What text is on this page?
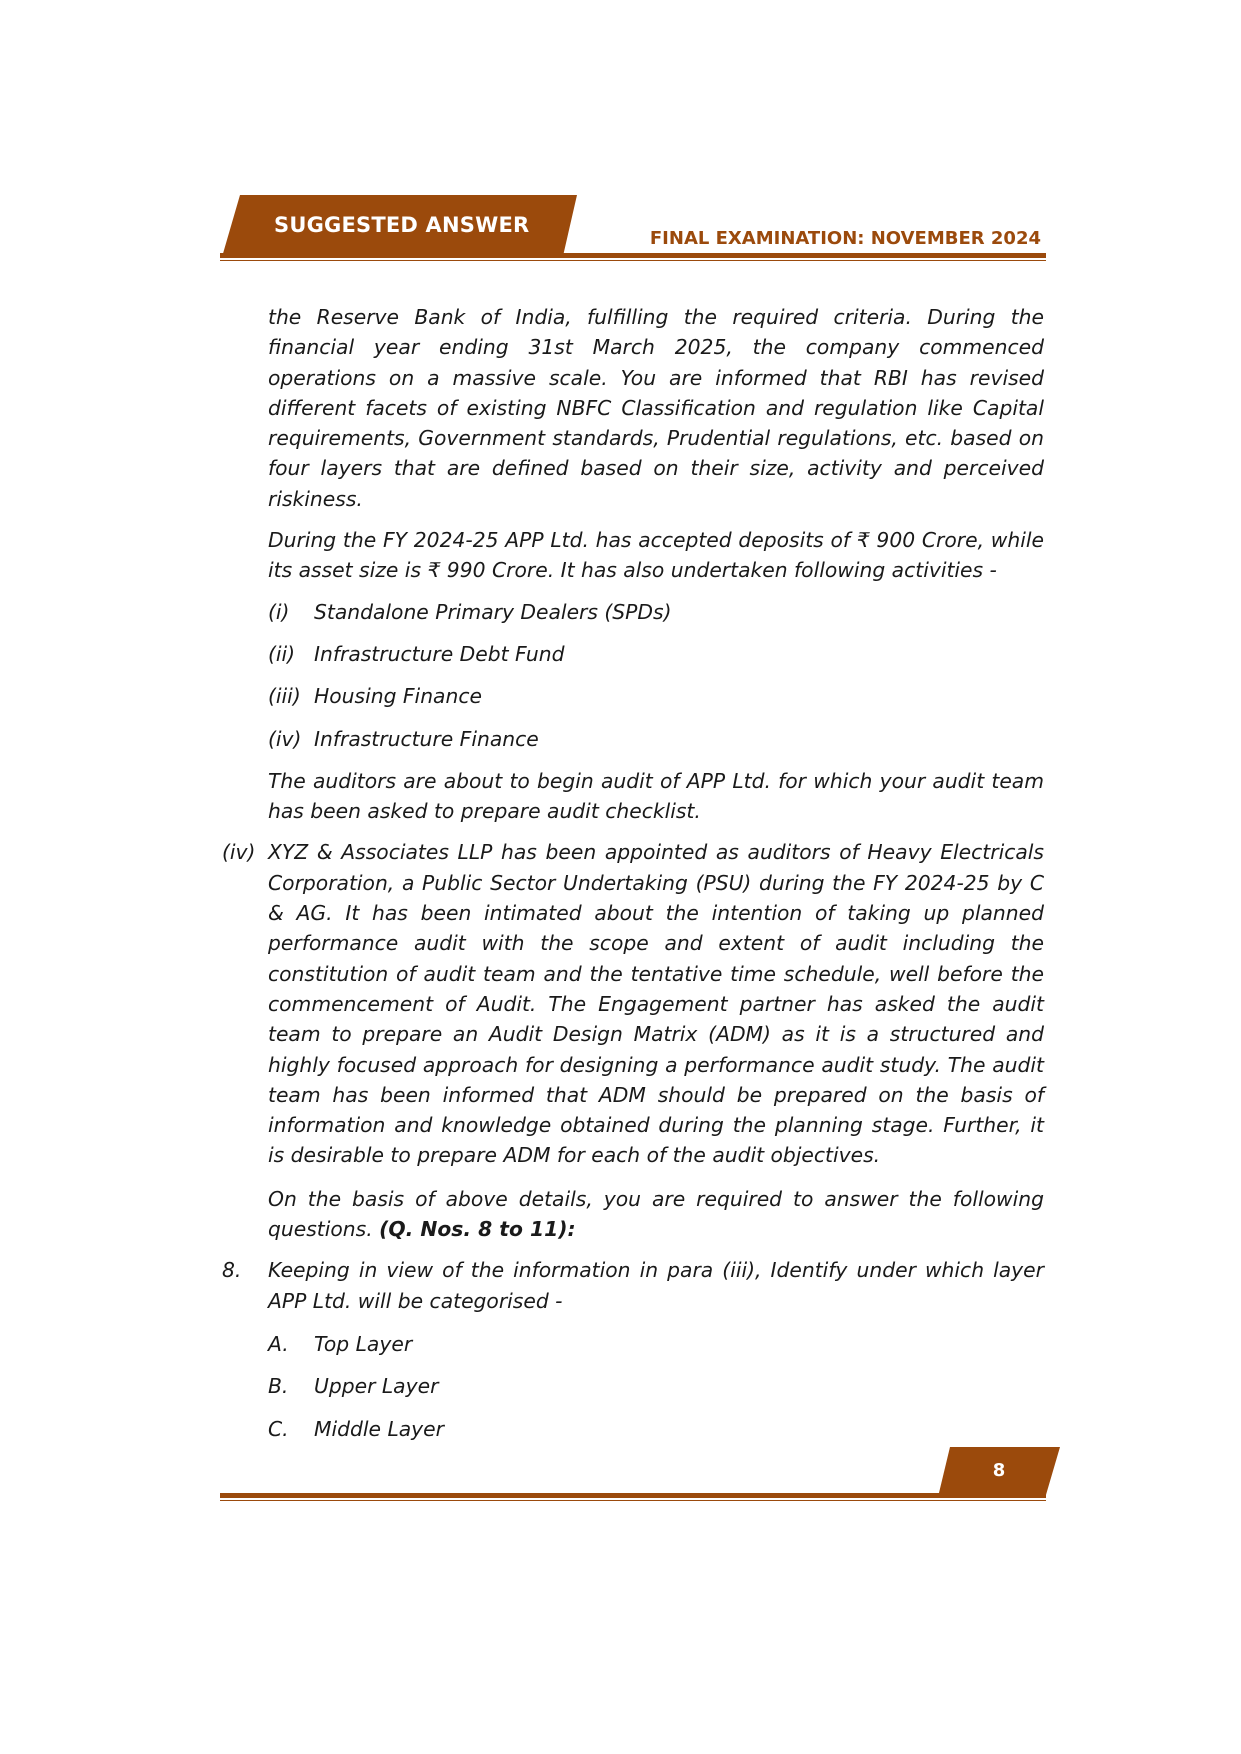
SUGGESTED ANSWER
FINAL EXAMINATION: NOVEMBER 2024

the Reserve Bank of India, fulfilling the required criteria. During the financial year ending 31st March 2025, the company commenced operations on a massive scale. You are informed that RBI has revised different facets of existing NBFC Classification and regulation like Capital requirements, Government standards, Prudential regulations, etc. based on four layers that are defined based on their size, activity and perceived riskiness.

During the FY 2024-25 APP Ltd. has accepted deposits of ₹ 900 Crore, while its asset size is ₹ 990 Crore. It has also undertaken following activities -

(i)	Standalone Primary Dealers (SPDs)
(ii) Infrastructure Debt Fund
(iii) Housing Finance
(iv) Infrastructure Finance

The auditors are about to begin audit of APP Ltd. for which your audit team has been asked to prepare audit checklist.

(iv) XYZ & Associates LLP has been appointed as auditors of Heavy Electricals Corporation, a Public Sector Undertaking (PSU) during the FY 2024-25 by C & AG. It has been intimated about the intention of taking up planned performance audit with the scope and extent of audit including the constitution of audit team and the tentative time schedule, well before the commencement of Audit. The Engagement partner has asked the audit team to prepare an Audit Design Matrix (ADM) as it is a structured and highly focused approach for designing a performance audit study. The audit team has been informed that ADM should be prepared on the basis of information and knowledge obtained during the planning stage. Further, it is desirable to prepare ADM for each of the audit objectives.

On the basis of above details, you are required to answer the following questions. (Q. Nos. 8 to 11):

8.	Keeping in view of the information in para (iii), Identify under which layer APP Ltd. will be categorised -
A.	Top Layer
B.	Upper Layer
C.	Middle Layer
8
